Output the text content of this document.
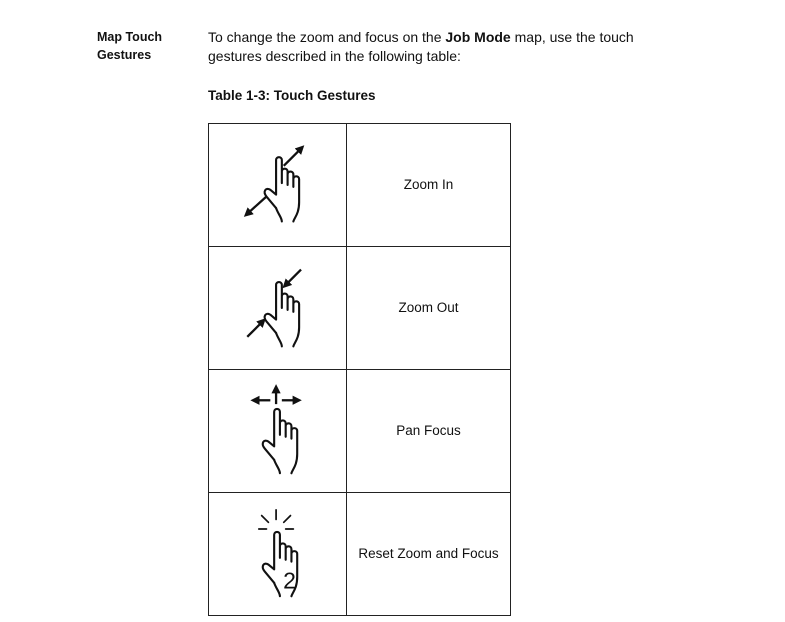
Map Touch
Gestures

To change the zoom and focus on the Job Mode map, use the touch gestures described in the following table:

Table 1-3: Touch Gestures
	Zoom In

	Zoom Out

	Pan Focus

2	Reset Zoom and Focus
